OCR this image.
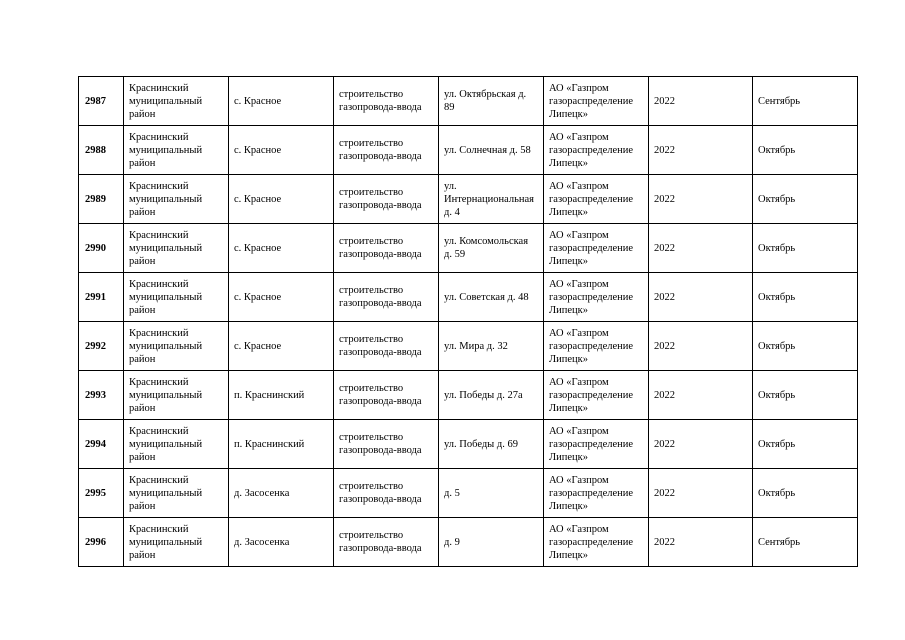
2987	Краснинский муниципальный район	с. Красное	строительство газопровода-ввода	ул. Октябрьская д. 89	АО «Газпром газораспределение Липецк»	2022	Сентябрь
2988	Краснинский муниципальный район	с. Красное	строительство газопровода-ввода	ул. Солнечная д. 58	АО «Газпром газораспределение Липецк»	2022	Октябрь
2989	Краснинский муниципальный район	с. Красное	строительство газопровода-ввода	ул. Интернациональная д. 4	АО «Газпром газораспределение Липецк»	2022	Октябрь
2990	Краснинский муниципальный район	с. Красное	строительство газопровода-ввода	ул. Комсомольская д. 59	АО «Газпром газораспределение Липецк»	2022	Октябрь
2991	Краснинский муниципальный район	с. Красное	строительство газопровода-ввода	ул. Советская д. 48	АО «Газпром газораспределение Липецк»	2022	Октябрь
2992	Краснинский муниципальный район	с. Красное	строительство газопровода-ввода	ул. Мира д. 32	АО «Газпром газораспределение Липецк»	2022	Октябрь
2993	Краснинский муниципальный район	п. Краснинский	строительство газопровода-ввода	ул. Победы д. 27а	АО «Газпром газораспределение Липецк»	2022	Октябрь
2994	Краснинский муниципальный район	п. Краснинский	строительство газопровода-ввода	ул. Победы д. 69	АО «Газпром газораспределение Липецк»	2022	Октябрь
2995	Краснинский муниципальный район	д. Засосенка	строительство газопровода-ввода	д. 5	АО «Газпром газораспределение Липецк»	2022	Октябрь
2996	Краснинский муниципальный район	д. Засосенка	строительство газопровода-ввода	д. 9	АО «Газпром газораспределение Липецк»	2022	Сентябрь
